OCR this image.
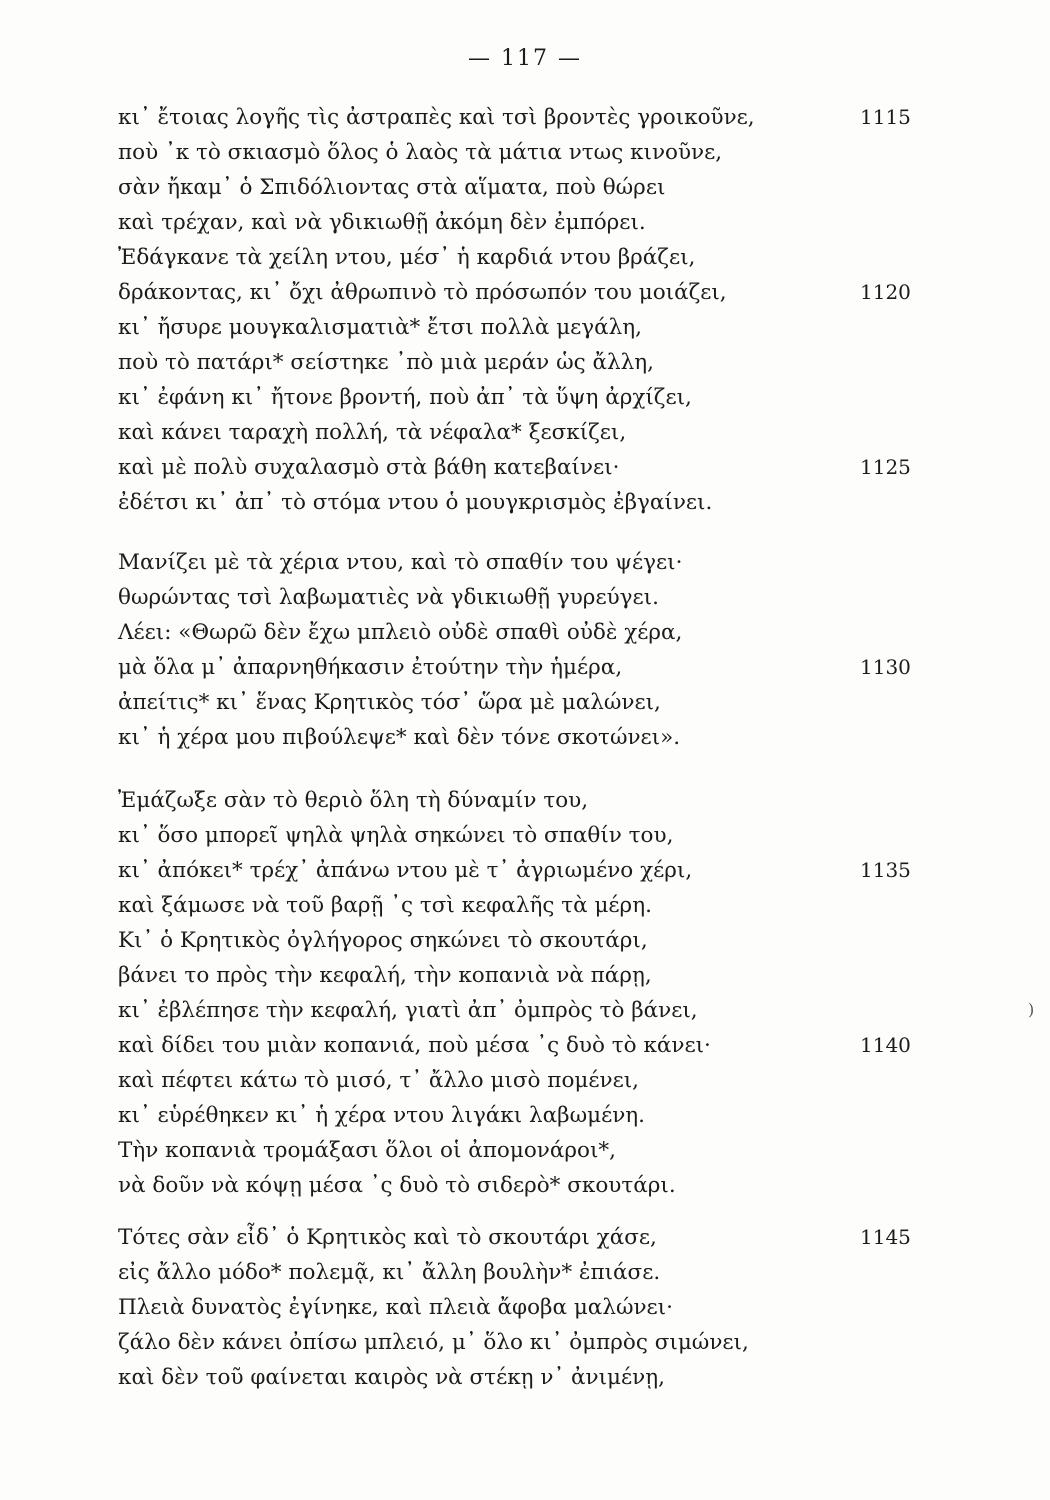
— 117 —
κι᾿ ἔτοιας λογῆς τὶς ἀστραπὲς καὶ τσὶ βροντὲς γροικοῦνε,	1115
ποὺ ᾿κ τὸ σκιασμὸ ὅλος ὁ λαὸς τὰ μάτια ντως κινοῦνε,
σὰν ἤκαμ᾿ ὁ Σπιδόλιοντας στὰ αἵματα, ποὺ θώρει
καὶ τρέχαν, καὶ νὰ γδικιωθῇ ἀκόμη δὲν ἐμπόρει.
Ἐδάγκανε τὰ χείλη ντου, μέσ᾿ ἡ καρδιά ντου βράζει,
δράκοντας, κι᾿ ὄχι ἀθρωπινὸ τὸ πρόσωπόν του μοιάζει,	1120
κι᾿ ἤσυρε μουγκαλισματιὰ* ἔτσι πολλὰ μεγάλη,
ποὺ τὸ πατάρι* σείστηκε ᾿πὸ μιὰ μεράν ὡς ἄλλη,
κι᾿ ἐφάνη κι᾿ ἤτονε βροντή, ποὺ ἀπ᾿ τὰ ὕψη ἀρχίζει,
καὶ κάνει ταραχὴ πολλή, τὰ νέφαλα* ξεσκίζει,
καὶ μὲ πολὺ συχαλασμὸ στὰ βάθη κατεβαίνει·	1125
ἐδέτσι κι᾿ ἀπ᾿ τὸ στόμα ντου ὁ μουγκρισμὸς ἐβγαίνει.
Μανίζει μὲ τὰ χέρια ντου, καὶ τὸ σπαθίν του ψέγει·
θωρώντας τσὶ λαβωματιὲς νὰ γδικιωθῇ γυρεύγει.
Λέει: «Θωρῶ δὲν ἔχω μπλειὸ οὐδὲ σπαθὶ οὐδὲ χέρα,
μὰ ὅλα μ᾿ ἀπαρνηθήκασιν ἐτούτην τὴν ἡμέρα,	1130
ἀπείτις* κι᾿ ἕνας Κρητικὸς τόσ᾿ ὥρα μὲ μαλώνει,
κι᾿ ἡ χέρα μου πιβούλεψε* καὶ δὲν τόνε σκοτώνει».
Ἐμάζωξε σὰν τὸ θεριὸ ὅλη τὴ δύναμίν του,
κι᾿ ὅσο μπορεῖ ψηλὰ ψηλὰ σηκώνει τὸ σπαθίν του,
κι᾿ ἀπόκει* τρέχ᾿ ἀπάνω ντου μὲ τ᾿ ἀγριωμένο χέρι,	1135
καὶ ξάμωσε νὰ τοῦ βαρῇ ᾿ς τσὶ κεφαλῆς τὰ μέρη.
Κι᾿ ὁ Κρητικὸς ὀγλήγορος σηκώνει τὸ σκουτάρι,
βάνει το πρὸς τὴν κεφαλή, τὴν κοπανιὰ νὰ πάρῃ,
κι᾿ ἐβλέπησε τὴν κεφαλή, γιατὶ ἀπ᾿ ὀμπρὸς τὸ βάνει,
καὶ δίδει του μιὰν κοπανιά, ποὺ μέσα ᾿ς δυὸ τὸ κάνει·	1140
καὶ πέφτει κάτω τὸ μισό, τ᾿ ἄλλο μισὸ πομένει,
κι᾿ εὑρέθηκεν κι᾿ ἡ χέρα ντου λιγάκι λαβωμένη.
Τὴν κοπανιὰ τρομάξασι ὅλοι οἱ ἀπομονάροι*,
νὰ δοῦν νὰ κόψῃ μέσα ᾿ς δυὸ τὸ σιδερὸ* σκουτάρι.
Τότες σὰν εἶδ᾿ ὁ Κρητικὸς καὶ τὸ σκουτάρι χάσε,	1145
εἰς ἄλλο μόδο* πολεμᾷ, κι᾿ ἄλλη βουλὴν* ἐπιάσε.
Πλειὰ δυνατὸς ἐγίνηκε, καὶ πλειὰ ἄφοβα μαλώνει·
ζάλο δὲν κάνει ὀπίσω μπλειό, μ᾿ ὅλο κι᾿ ὀμπρὸς σιμώνει,
καὶ δὲν τοῦ φαίνεται καιρὸς νὰ στέκῃ ν᾿ ἀνιμένῃ,
)
